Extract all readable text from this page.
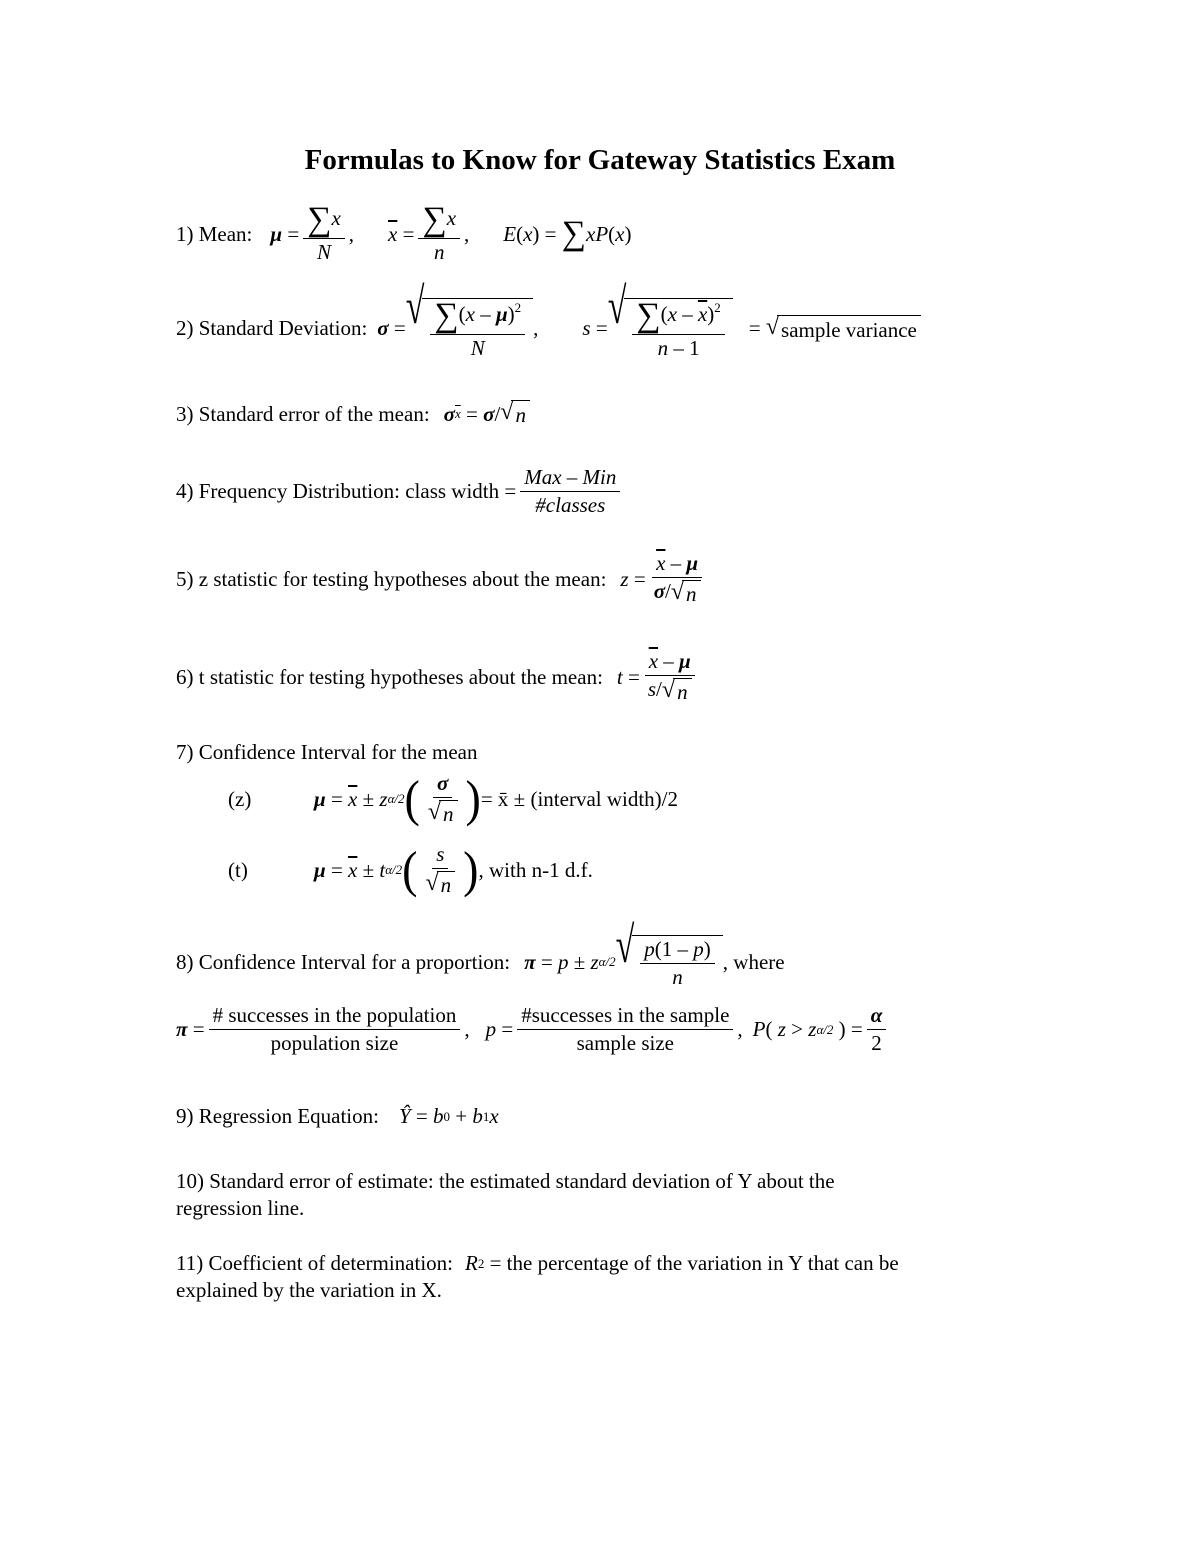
Formulas to Know for Gateway Statistics Exam
1) Mean: $\mu = \frac{\sum x}{N}$ , $\overline{x} = \frac{\sum x}{n}$ , E ( x ) = ∑ xP ( x )
2) Standard Deviation: σ = √ $\frac{\sum(x - \mu)^2}{N}$ , s = √ $\frac{\sum(x - \overline{x})^2}{n - 1}$ = √ sample variance
3) Standard error of the mean: σ $\overline{x} = \sigma$ / √ n
4) Frequency Distribution: class width = $\frac{\text{Max – Min}}{\text{\#classes}}$
5) z statistic for testing hypotheses about the mean: $z = \frac{\overline{x} - \mu}{\sigma/ √ n}$
6) t statistic for testing hypotheses about the mean: $t = \frac{\overline{x} - \mu}{s/ √ n}$
7) Confidence Interval for the mean
(z)	$\mu = \overline{x} \pm z$ α/2 ( $\frac{\sigma}{√ n}$ ) = x̄ ± (interval width)/2
(t)	$\mu = \overline{x} \pm t$ α/2 ( $\frac{s}{√ n}$ ) , with n-1 d.f.
8) Confidence Interval for a proportion: π = p ± z α/2 √ $\frac{p(1 - p)}{n}$ , where
$\pi = \frac{\text{\# successes in the population}}{\text{population size}}$ , $p = \frac{\text{\#successes in the sample}}{\text{sample size}}$ , P ( z > z α/2 ) = $\frac{\alpha}{2}$
9) Regression Equation: Ŷ = b 0 + b 1 x
10) Standard error of estimate: the estimated standard deviation of Y about the
regression line.
11) Coefficient of determination: R 2
= the percentage of the variation in Y that can be
explained by the variation in X.
